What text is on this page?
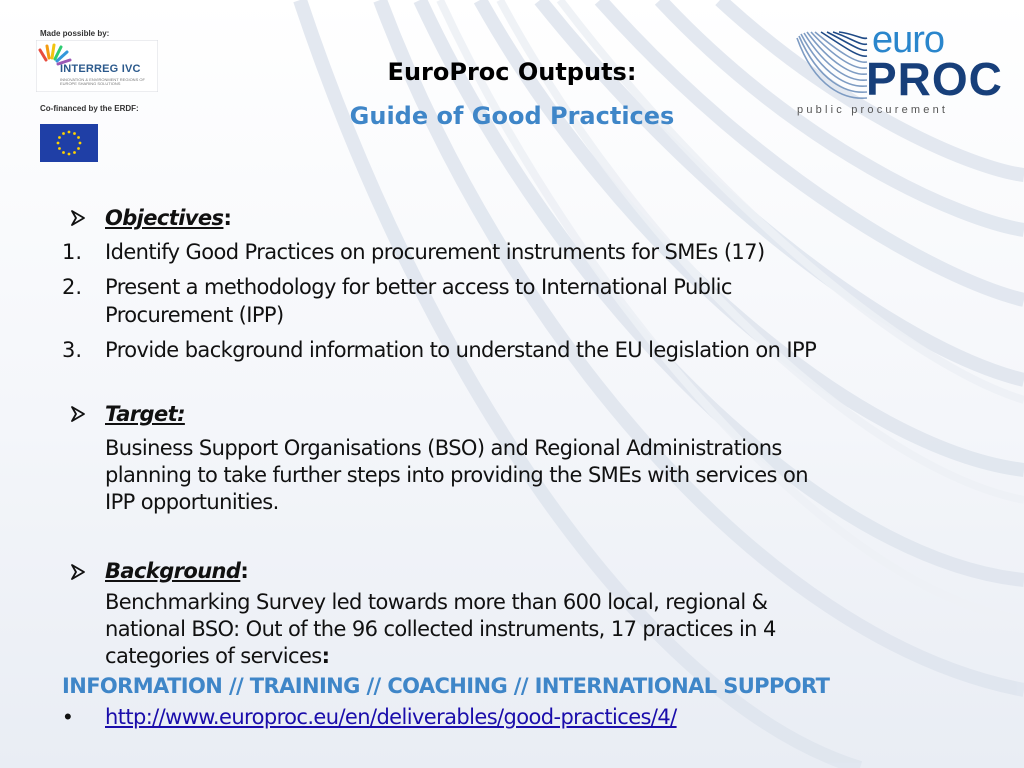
Made possible by:
INTERREG IVC
INNOVATION & ENVIRONMENT REGIONS OF EUROPE SHARING SOLUTIONS
Co-financed by the ERDF:
euro
PROC
public procurement
EuroProc Outputs:
Guide of Good Practices
Objectives:
1. Identify Good Practices on procurement instruments for SMEs (17)
2. Present a methodology for better access to International Public
Procurement (IPP)
3. Provide background information to understand the EU legislation on IPP
Target:
Business Support Organisations (BSO) and Regional Administrations
planning to take further steps into providing the SMEs with services on
IPP opportunities.
Background:
Benchmarking Survey led towards more than 600 local, regional &
national BSO: Out of the 96 collected instruments, 17 practices in 4
categories of services:
INFORMATION // TRAINING // COACHING // INTERNATIONAL SUPPORT
• http://www.europroc.eu/en/deliverables/good-practices/4/
